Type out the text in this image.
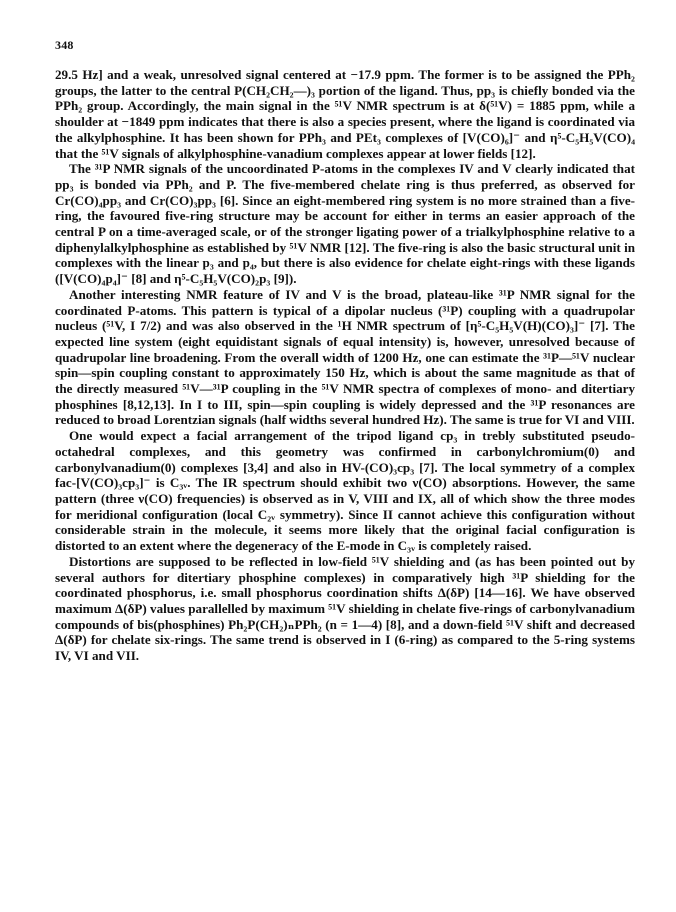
348

29.5 Hz] and a weak, unresolved signal centered at −17.9 ppm. The former is to be assigned the PPh₂ groups, the latter to the central P(CH₂CH₂—)₃ portion of the ligand. Thus, pp₃ is chiefly bonded via the PPh₂ group. Accordingly, the main signal in the ⁵¹V NMR spectrum is at δ(⁵¹V) = 1885 ppm, while a shoulder at −1849 ppm indicates that there is also a species present, where the ligand is coordinated via the alkylphosphine. It has been shown for PPh₃ and PEt₃ complexes of [V(CO)₆]⁻ and η⁵-C₅H₅V(CO)₄ that the ⁵¹V signals of alkylphosphine-vanadium complexes appear at lower fields [12].

The ³¹P NMR signals of the uncoordinated P-atoms in the complexes IV and V clearly indicated that pp₃ is bonded via PPh₂ and P. The five-membered chelate ring is thus preferred, as observed for Cr(CO)₄pp₃ and Cr(CO)₃pp₃ [6]. Since an eight-membered ring system is no more strained than a five-ring, the favoured five-ring structure may be account for either in terms an easier approach of the central P on a time-averaged scale, or of the stronger ligating power of a trialkylphosphine relative to a diphenylalkylphosphine as established by ⁵¹V NMR [12]. The five-ring is also the basic structural unit in complexes with the linear p₃ and p₄, but there is also evidence for chelate eight-rings with these ligands ([V(CO)₄p₄]⁻ [8] and η⁵-C₅H₅V(CO)₂p₃ [9]).

Another interesting NMR feature of IV and V is the broad, plateau-like ³¹P NMR signal for the coordinated P-atoms. This pattern is typical of a dipolar nucleus (³¹P) coupling with a quadrupolar nucleus (⁵¹V, I 7/2) and was also observed in the ¹H NMR spectrum of [η⁵-C₅H₅V(H)(CO)₃]⁻ [7]. The expected line system (eight equidistant signals of equal intensity) is, however, unresolved because of quadrupolar line broadening. From the overall width of 1200 Hz, one can estimate the ³¹P—⁵¹V nuclear spin—spin coupling constant to approximately 150 Hz, which is about the same magnitude as that of the directly measured ⁵¹V—³¹P coupling in the ⁵¹V NMR spectra of complexes of mono- and ditertiary phosphines [8,12,13]. In I to III, spin—spin coupling is widely depressed and the ³¹P resonances are reduced to broad Lorentzian signals (half widths several hundred Hz). The same is true for VI and VIII.

One would expect a facial arrangement of the tripod ligand cp₃ in trebly substituted pseudo-octahedral complexes, and this geometry was confirmed in carbonylchromium(0) and carbonylvanadium(0) complexes [3,4] and also in HV-(CO)₃cp₃ [7]. The local symmetry of a complex fac-[V(CO)₃cp₃]⁻ is C₃ᵥ. The IR spectrum should exhibit two ν(CO) absorptions. However, the same pattern (three ν(CO) frequencies) is observed as in V, VIII and IX, all of which show the three modes for meridional configuration (local C₂ᵥ symmetry). Since II cannot achieve this configuration without considerable strain in the molecule, it seems more likely that the original facial configuration is distorted to an extent where the degeneracy of the E-mode in C₃ᵥ is completely raised.

Distortions are supposed to be reflected in low-field ⁵¹V shielding and (as has been pointed out by several authors for ditertiary phosphine complexes) in comparatively high ³¹P shielding for the coordinated phosphorus, i.e. small phosphorus coordination shifts Δ(δP) [14—16]. We have observed maximum Δ(δP) values parallelled by maximum ⁵¹V shielding in chelate five-rings of carbonylvanadium compounds of bis(phosphines) Ph₂P(CH₂)ₙPPh₂ (n = 1—4) [8], and a down-field ⁵¹V shift and decreased Δ(δP) for chelate six-rings. The same trend is observed in I (6-ring) as compared to the 5-ring systems IV, VI and VII.
